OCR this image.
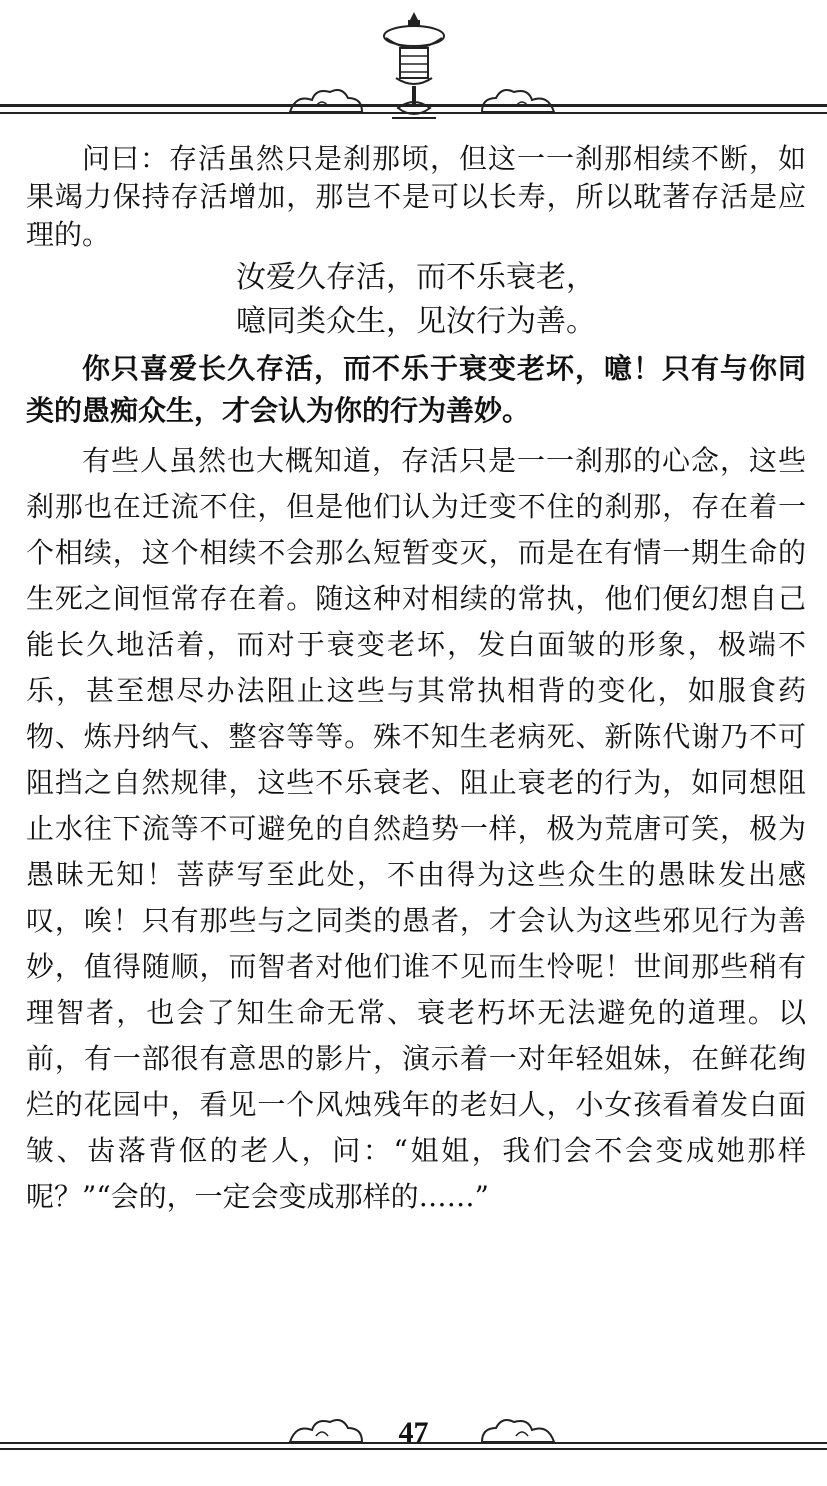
问曰：存活虽然只是刹那顷，但这一一刹那相续不断，如果竭力保持存活增加，那岂不是可以长寿，所以耽著存活是应理的。

汝爱久存活，而不乐衰老，
噫同类众生，见汝行为善。

你只喜爱长久存活，而不乐于衰变老坏，噫！只有与你同类的愚痴众生，才会认为你的行为善妙。

有些人虽然也大概知道，存活只是一一刹那的心念，这些刹那也在迁流不住，但是他们认为迁变不住的刹那，存在着一个相续，这个相续不会那么短暂变灭，而是在有情一期生命的生死之间恒常存在着。随这种对相续的常执，他们便幻想自己能长久地活着，而对于衰变老坏，发白面皱的形象，极端不乐，甚至想尽办法阻止这些与其常执相背的变化，如服食药物、炼丹纳气、整容等等。殊不知生老病死、新陈代谢乃不可阻挡之自然规律，这些不乐衰老、阻止衰老的行为，如同想阻止水往下流等不可避免的自然趋势一样，极为荒唐可笑，极为愚昧无知！菩萨写至此处，不由得为这些众生的愚昧发出感叹，唉！只有那些与之同类的愚者，才会认为这些邪见行为善妙，值得随顺，而智者对他们谁不见而生怜呢！世间那些稍有理智者，也会了知生命无常、衰老朽坏无法避免的道理。以前，有一部很有意思的影片，演示着一对年轻姐妹，在鲜花绚烂的花园中，看见一个风烛残年的老妇人，小女孩看着发白面皱、齿落背伛的老人，问：“姐姐，我们会不会变成她那样呢？”“会的，一定会变成那样的……”

47
